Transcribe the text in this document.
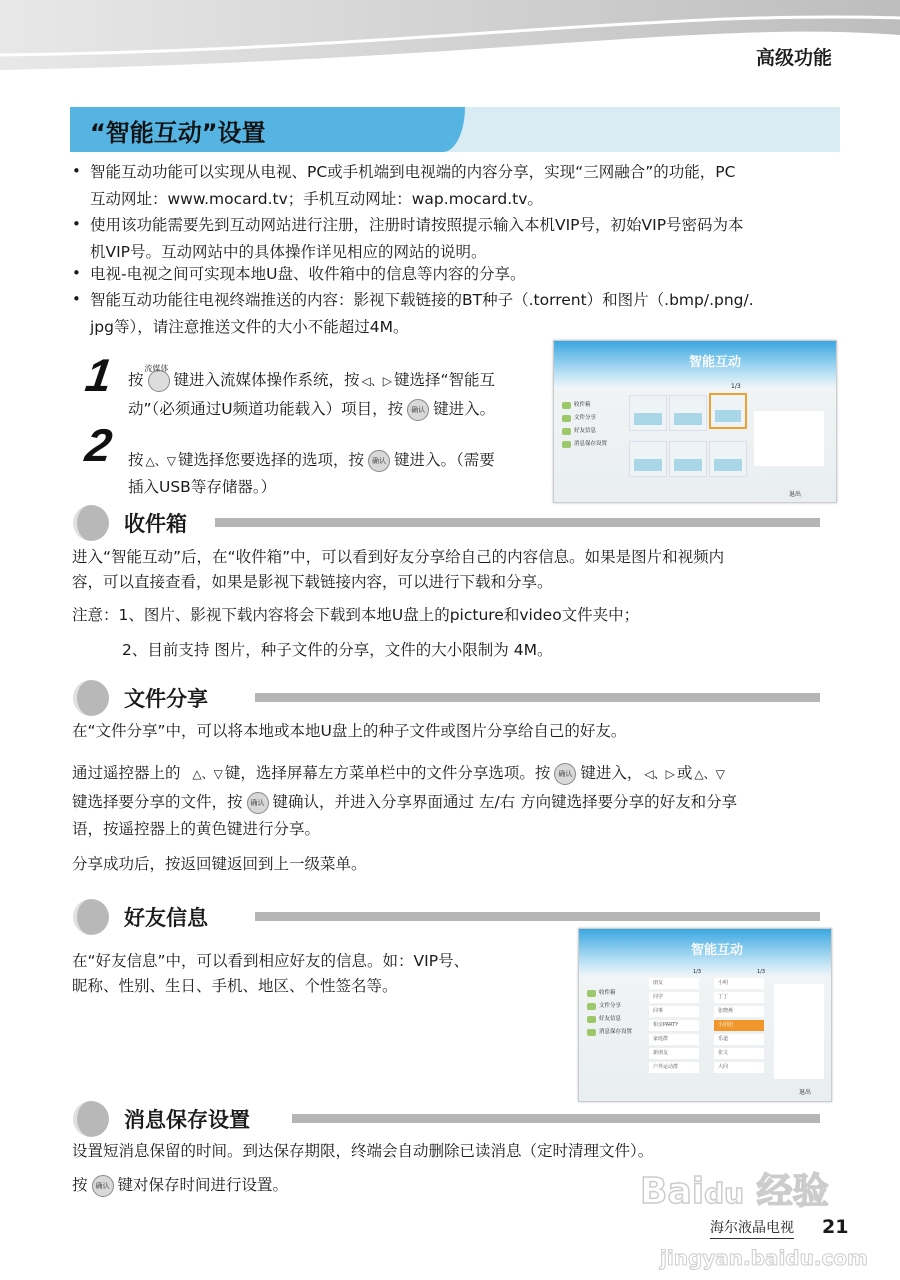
高级功能
“智能互动”设置
• 智能互动功能可以实现从电视、PC或手机端到电视端的内容分享，实现“三网融合”的功能，PC
互动网址：www.mocard.tv；手机互动网址：wap.mocard.tv。
• 使用该功能需要先到互动网站进行注册，注册时请按照提示输入本机VIP号，初始VIP号密码为本
机VIP号。互动网站中的具体操作详见相应的网站的说明。
• 电视-电视之间可实现本地U盘、收件箱中的信息等内容的分享。
• 智能互动功能往电视终端推送的内容：影视下载链接的BT种子（.torrent）和图片（.bmp/.png/.
jpg等），请注意推送文件的大小不能超过4M。
1 按
流媒体
键进入流媒体操作系统，按 ◁、▷ 键选择“智能互
动”（必须通过U频道功能载入）项目，按 确认 键进入。
2 按 △、▽ 键选择您要选择的选项，按 确认 键进入。（需要
插入USB等存储器。）
智能互动
收件箱
文件分享
好友信息
消息保存设置
1/3
退出
收件箱
进入“智能互动”后，在“收件箱”中，可以看到好友分享给自己的内容信息。如果是图片和视频内
容，可以直接查看，如果是影视下载链接内容，可以进行下载和分享。
注意：1、图片、影视下载内容将会下载到本地U盘上的picture和video文件夹中；
2、目前支持 图片，种子文件的分享，文件的大小限制为 4M。
文件分享
在“文件分享”中，可以将本地或本地U盘上的种子文件或图片分享给自己的好友。
通过遥控器上的 △、▽ 键，选择屏幕左方菜单栏中的文件分享选项。按 确认 键进入， ◁、▷ 或 △、▽
键选择要分享的文件，按 确认 键确认，并进入分享界面通过 左/右 方向键选择要分享的好友和分享
语，按遥控器上的黄色键进行分享。
分享成功后，按返回键返回到上一级菜单。
好友信息
在“好友信息”中，可以看到相应好友的信息。如：VIP号、
昵称、性别、生日、手机、地区、个性签名等。
智能互动
收件箱
文件分享
好友信息
消息保存设置
1/3	1/3
朋友
同学
同事
相亲PARTY
家庭群
新朋友
户外运动群
小明
丁丁
张晓燕
小团团
乐道
张文
大同
退出
消息保存设置
设置短消息保留的时间。到达保存期限，终端会自动删除已读消息（定时清理文件）。
按 确认 键对保存时间进行设置。	Baidu 经验
jingyan.baidu.com
海尔液晶电视 21
